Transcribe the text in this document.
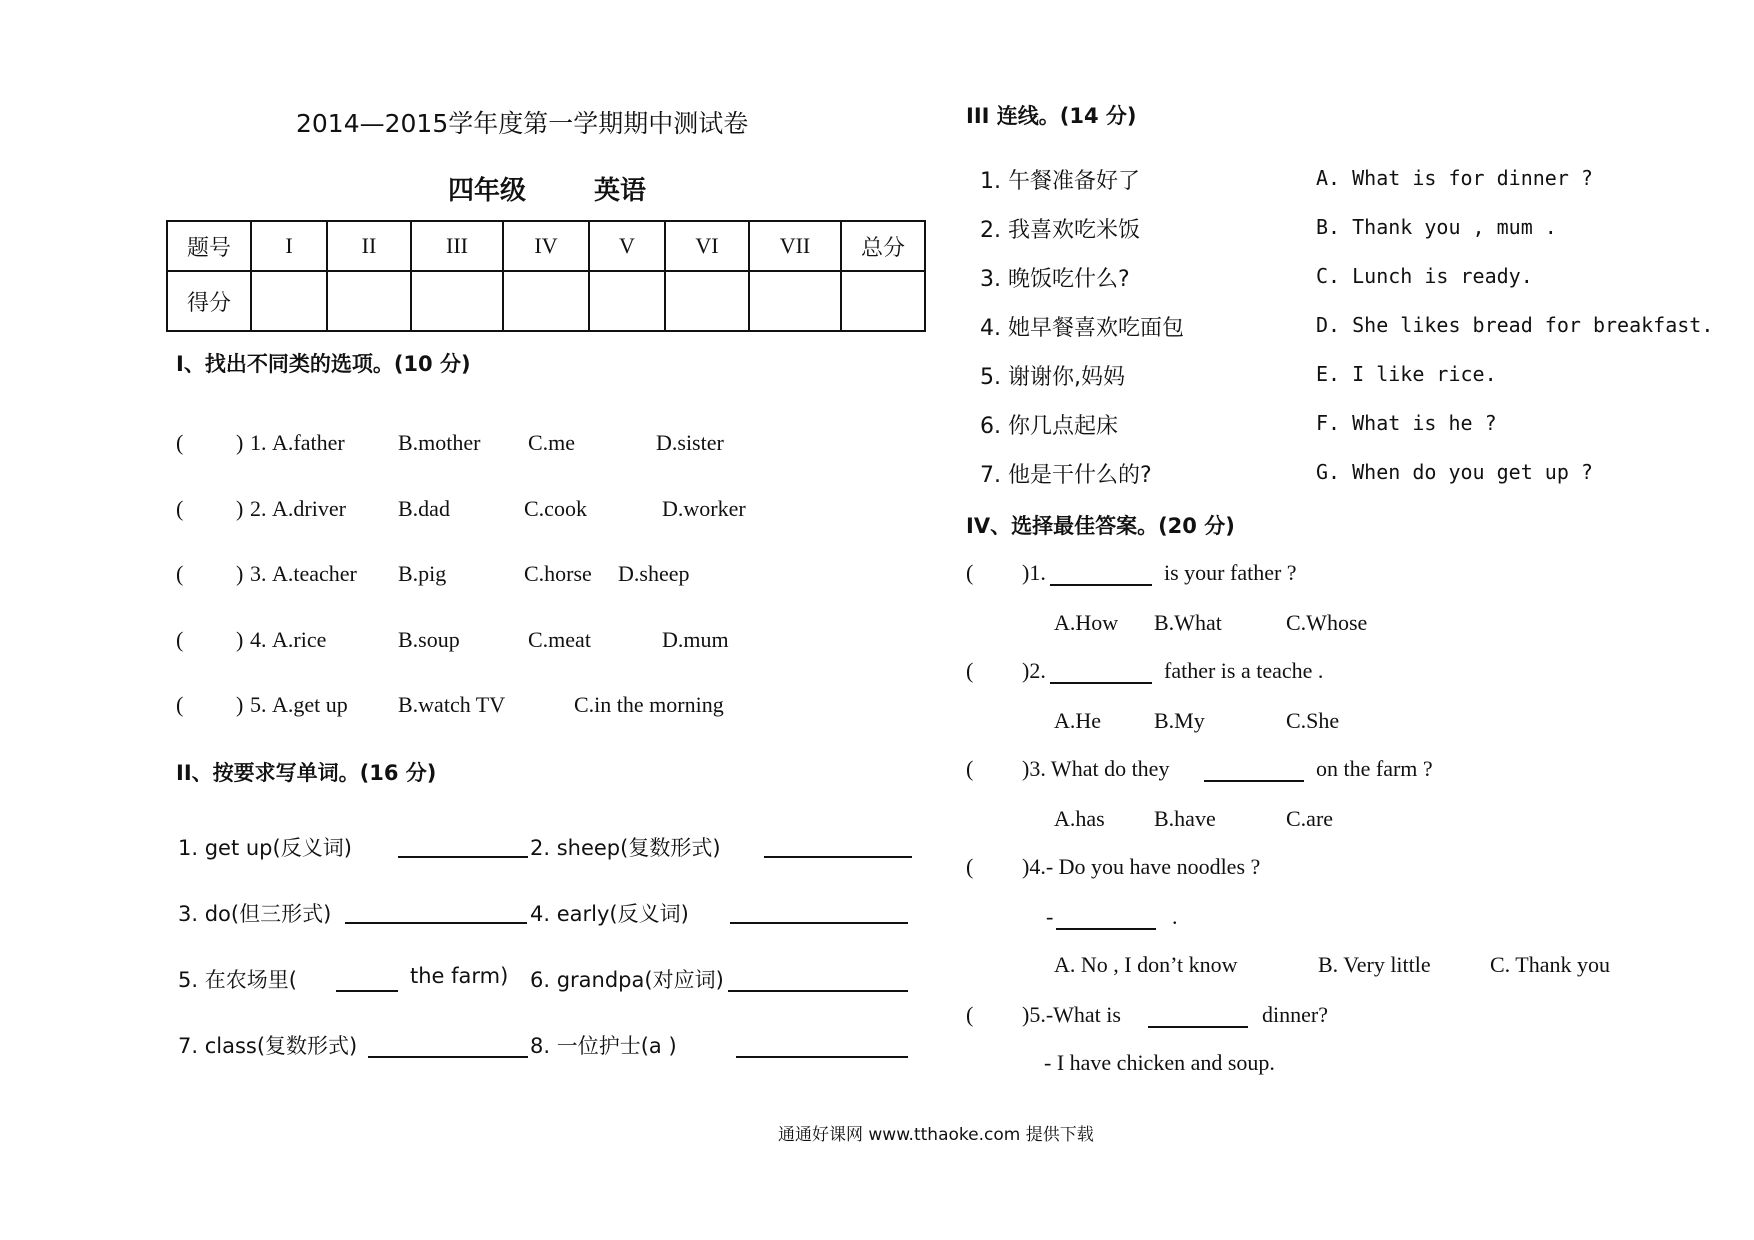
2014—2015学年度第一学期期中测试卷
四年级	英语
题号	I	II	III	IV	V	VI	VII	总分
得分								
I、找出不同类的选项。(10 分)
( ) 1. A.father B.mother C.me	D.sister
( ) 2. A.driver B.dad	C.cook	D.worker
( ) 3. A.teacher B.pig	C.horse D.sheep
( ) 4. A.rice	B.soup	C.meat	D.mum
( ) 5. A.get up B.watch TV	C.in the morning
II、按要求写单词。(16 分)
1. get up(反义词)	2. sheep(复数形式)
3. do(但三形式)	4. early(反义词)
5. 在农场里(	the farm) 6. grandpa(对应词)
7. class(复数形式)	8. 一位护士(a )
III 连线。(14 分)
1. 午餐准备好了	A. What is for dinner ?
2. 我喜欢吃米饭	B. Thank you , mum .
3. 晚饭吃什么?	C. Lunch is ready.
4. 她早餐喜欢吃面包	D. She likes bread for breakfast.
5. 谢谢你,妈妈	E. I like rice.
6. 你几点起床	F. What is he ?
7. 他是干什么的?	G. When do you get up ?
IV、选择最佳答案。(20 分)
( )1.	is your father ?
A.How B.What	C.Whose
( )2.	father is a teache .
A.He B.My	C.She
( )3. What do they	on the farm ?
A.has B.have	C.are
( )4.- Do you have noodles ?
-	.
A. No , I don’t know	B. Very little	C. Thank you
( )5.-What is	dinner?
- I have chicken and soup.
通通好课网 www.tthaoke.com 提供下载
